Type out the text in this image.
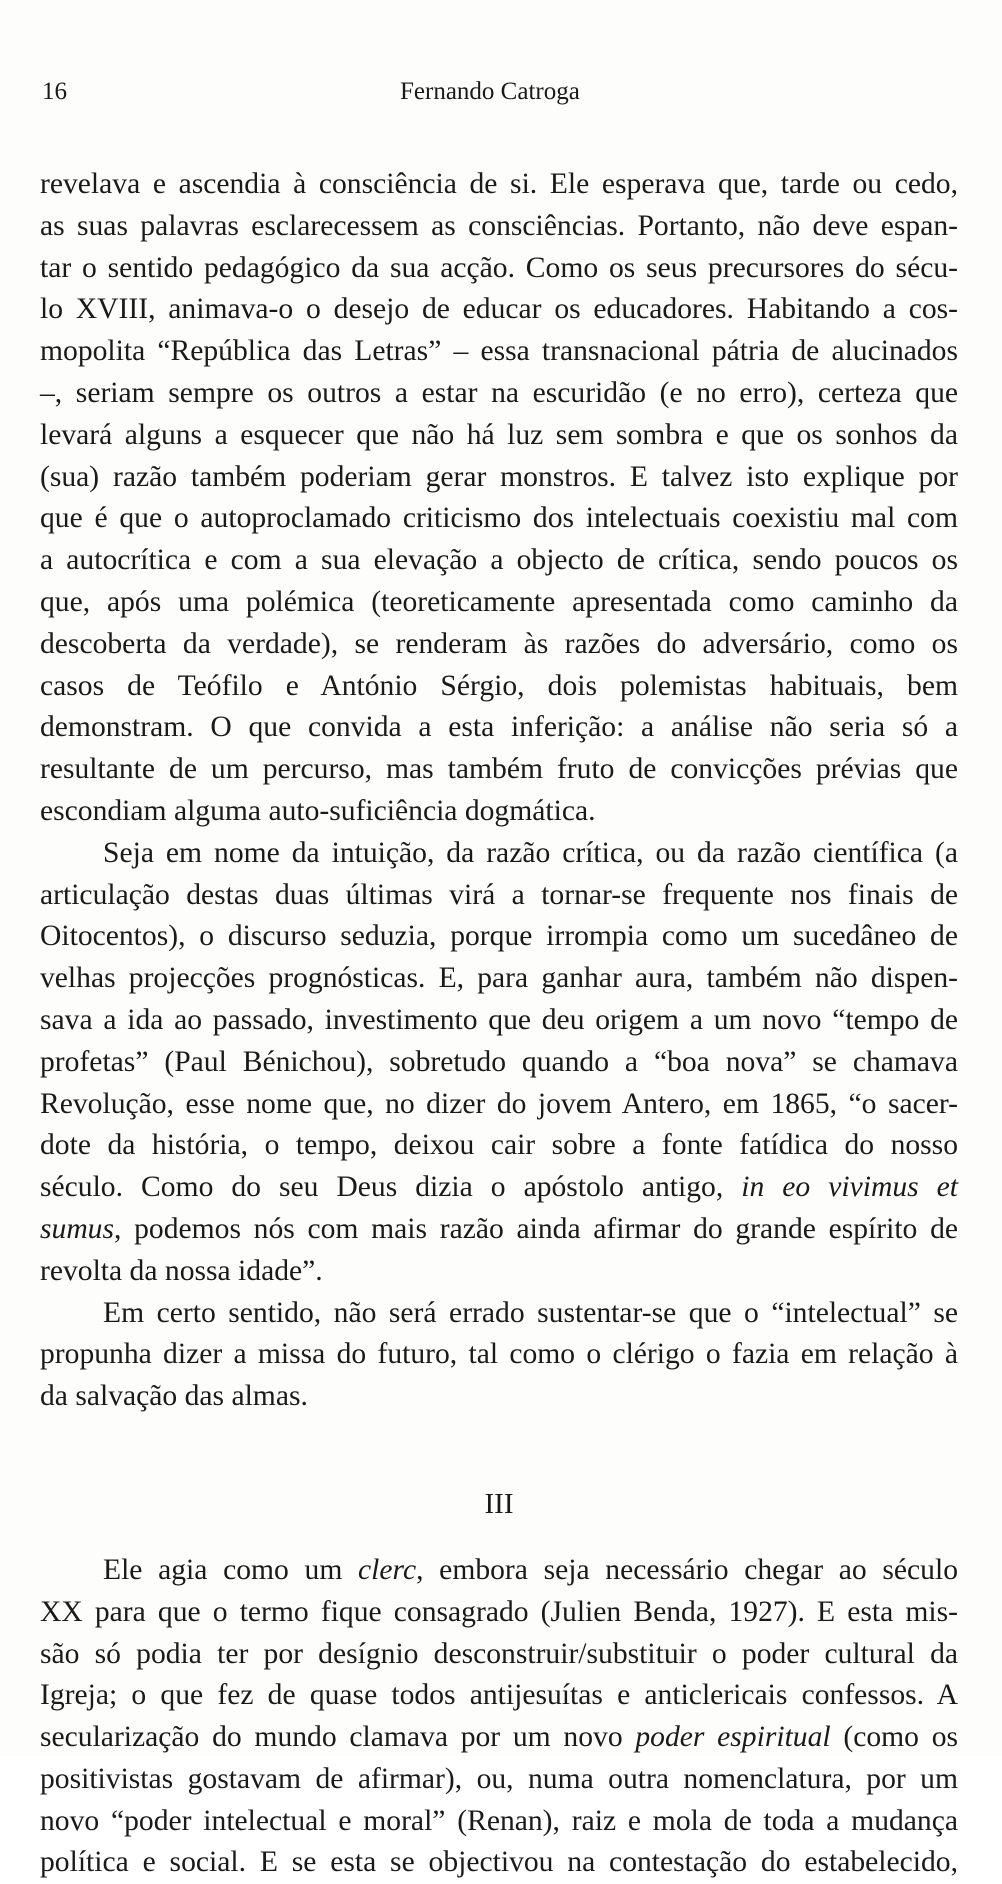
16	Fernando Catroga

revelava e ascendia à consciência de si. Ele esperava que, tarde ou cedo,
as suas palavras esclarecessem as consciências. Portanto, não deve espan-
tar o sentido pedagógico da sua acção. Como os seus precursores do sécu-
lo XVIII, animava-o o desejo de educar os educadores. Habitando a cos-
mopolita “República das Letras” – essa transnacional pátria de alucinados
–, seriam sempre os outros a estar na escuridão (e no erro), certeza que
levará alguns a esquecer que não há luz sem sombra e que os sonhos da
(sua) razão também poderiam gerar monstros. E talvez isto explique por
que é que o autoproclamado criticismo dos intelectuais coexistiu mal com
a autocrítica e com a sua elevação a objecto de crítica, sendo poucos os
que, após uma polémica (teoreticamente apresentada como caminho da
descoberta da verdade), se renderam às razões do adversário, como os
casos de Teófilo e António Sérgio, dois polemistas habituais, bem
demonstram. O que convida a esta inferição: a análise não seria só a
resultante de um percurso, mas também fruto de convicções prévias que
escondiam alguma auto-suficiência dogmática.

Seja em nome da intuição, da razão crítica, ou da razão científica (a
articulação destas duas últimas virá a tornar-se frequente nos finais de
Oitocentos), o discurso seduzia, porque irrompia como um sucedâneo de
velhas projecções prognósticas. E, para ganhar aura, também não dispen-
sava a ida ao passado, investimento que deu origem a um novo “tempo de
profetas” (Paul Bénichou), sobretudo quando a “boa nova” se chamava
Revolução, esse nome que, no dizer do jovem Antero, em 1865, “o sacer-
dote da história, o tempo, deixou cair sobre a fonte fatídica do nosso
século. Como do seu Deus dizia o apóstolo antigo, in eo vivimus et
sumus, podemos nós com mais razão ainda afirmar do grande espírito de
revolta da nossa idade”.

Em certo sentido, não será errado sustentar-se que o “intelectual” se
propunha dizer a missa do futuro, tal como o clérigo o fazia em relação à
da salvação das almas.

III

Ele agia como um clerc, embora seja necessário chegar ao século
XX para que o termo fique consagrado (Julien Benda, 1927). E esta mis-
são só podia ter por desígnio desconstruir/substituir o poder cultural da
Igreja; o que fez de quase todos antijesuítas e anticlericais confessos. A
secularização do mundo clamava por um novo poder espiritual (como os
positivistas gostavam de afirmar), ou, numa outra nomenclatura, por um
novo “poder intelectual e moral” (Renan), raiz e mola de toda a mudança
política e social. E se esta se objectivou na contestação do estabelecido,
